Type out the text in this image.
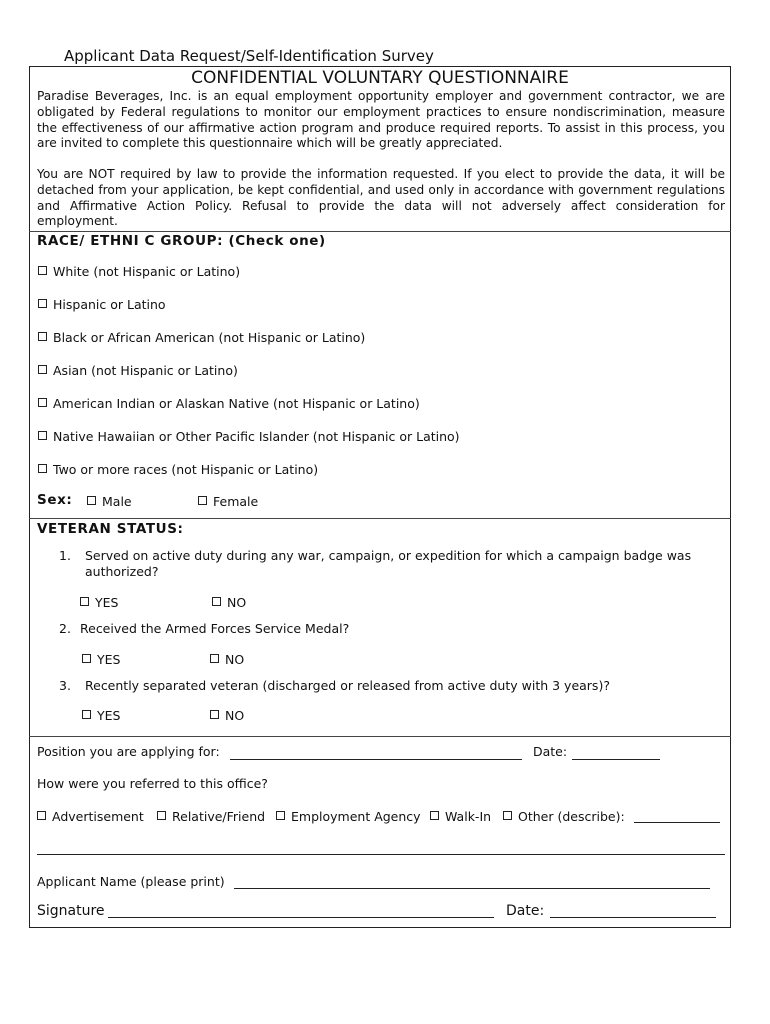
Applicant Data Request/Self-Identification Survey
CONFIDENTIAL VOLUNTARY QUESTIONNAIRE
Paradise Beverages, Inc. is an equal employment opportunity employer and government contractor, we are obligated by Federal regulations to monitor our employment practices to ensure nondiscrimination, measure the effectiveness of our affirmative action program and produce required reports. To assist in this process, you are invited to complete this questionnaire which will be greatly appreciated.
You are NOT required by law to provide the information requested. If you elect to provide the data, it will be detached from your application, be kept confidential, and used only in accordance with government regulations and Affirmative Action Policy. Refusal to provide the data will not adversely affect consideration for employment.
RACE/ ETHNI C GROUP: (Check one)
White (not Hispanic or Latino)
Hispanic or Latino
Black or African American (not Hispanic or Latino)
Asian (not Hispanic or Latino)
American Indian or Alaskan Native (not Hispanic or Latino)
Native Hawaiian or Other Pacific Islander (not Hispanic or Latino)
Two or more races (not Hispanic or Latino)
Sex:	Male	Female
VETERAN STATUS:
1. Served on active duty during any war, campaign, or expedition for which a campaign badge was
authorized?
YES	NO
2. Received the Armed Forces Service Medal?
YES	NO
3. Recently separated veteran (discharged or released from active duty with 3 years)?
YES	NO
Position you are applying for:	Date:
How were you referred to this office?
Advertisement	Relative/Friend	Employment Agency	Walk-In	Other (describe):
Applicant Name (please print)
Signature	Date:
